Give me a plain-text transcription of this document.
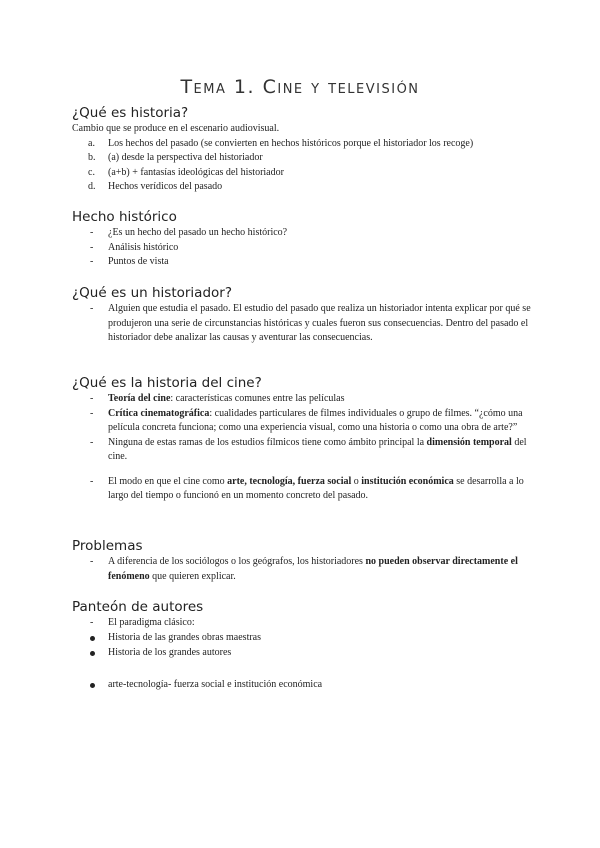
Tema 1. Cine y televisión
¿Qué es historia?
Cambio que se produce en el escenario audiovisual.
a.	Los hechos del pasado (se convierten en hechos históricos porque el historiador los recoge)
b.	(a) desde la perspectiva del historiador
c.	(a+b) + fantasías ideológicas del historiador
d.	Hechos verídicos del pasado
Hecho histórico
-	¿Es un hecho del pasado un hecho histórico?
-	Análisis histórico
-	Puntos de vista
¿Qué es un historiador?
-	Alguien que estudia el pasado. El estudio del pasado que realiza un historiador intenta explicar por qué se produjeron una serie de circunstancias históricas y cuales fueron sus consecuencias. Dentro del pasado el historiador debe analizar las causas y aventurar las consecuencias.
¿Qué es la historia del cine?
-	Teoría del cine: características comunes entre las películas
-	Crítica cinematográfica: cualidades particulares de filmes individuales o grupo de filmes. “¿cómo una película concreta funciona; como una experiencia visual, como una historia o como una obra de arte?”
-	Ninguna de estas ramas de los estudios fílmicos tiene como ámbito principal la dimensión temporal del cine.
-	El modo en que el cine como arte, tecnología, fuerza social o institución económica se desarrolla a lo largo del tiempo o funcionó en un momento concreto del pasado.
Problemas
-	A diferencia de los sociólogos o los geógrafos, los historiadores no pueden observar directamente el fenómeno que quieren explicar.
Panteón de autores
-	El paradigma clásico:
Historia de las grandes obras maestras
Historia de los grandes autores
arte-tecnología- fuerza social e institución económica
